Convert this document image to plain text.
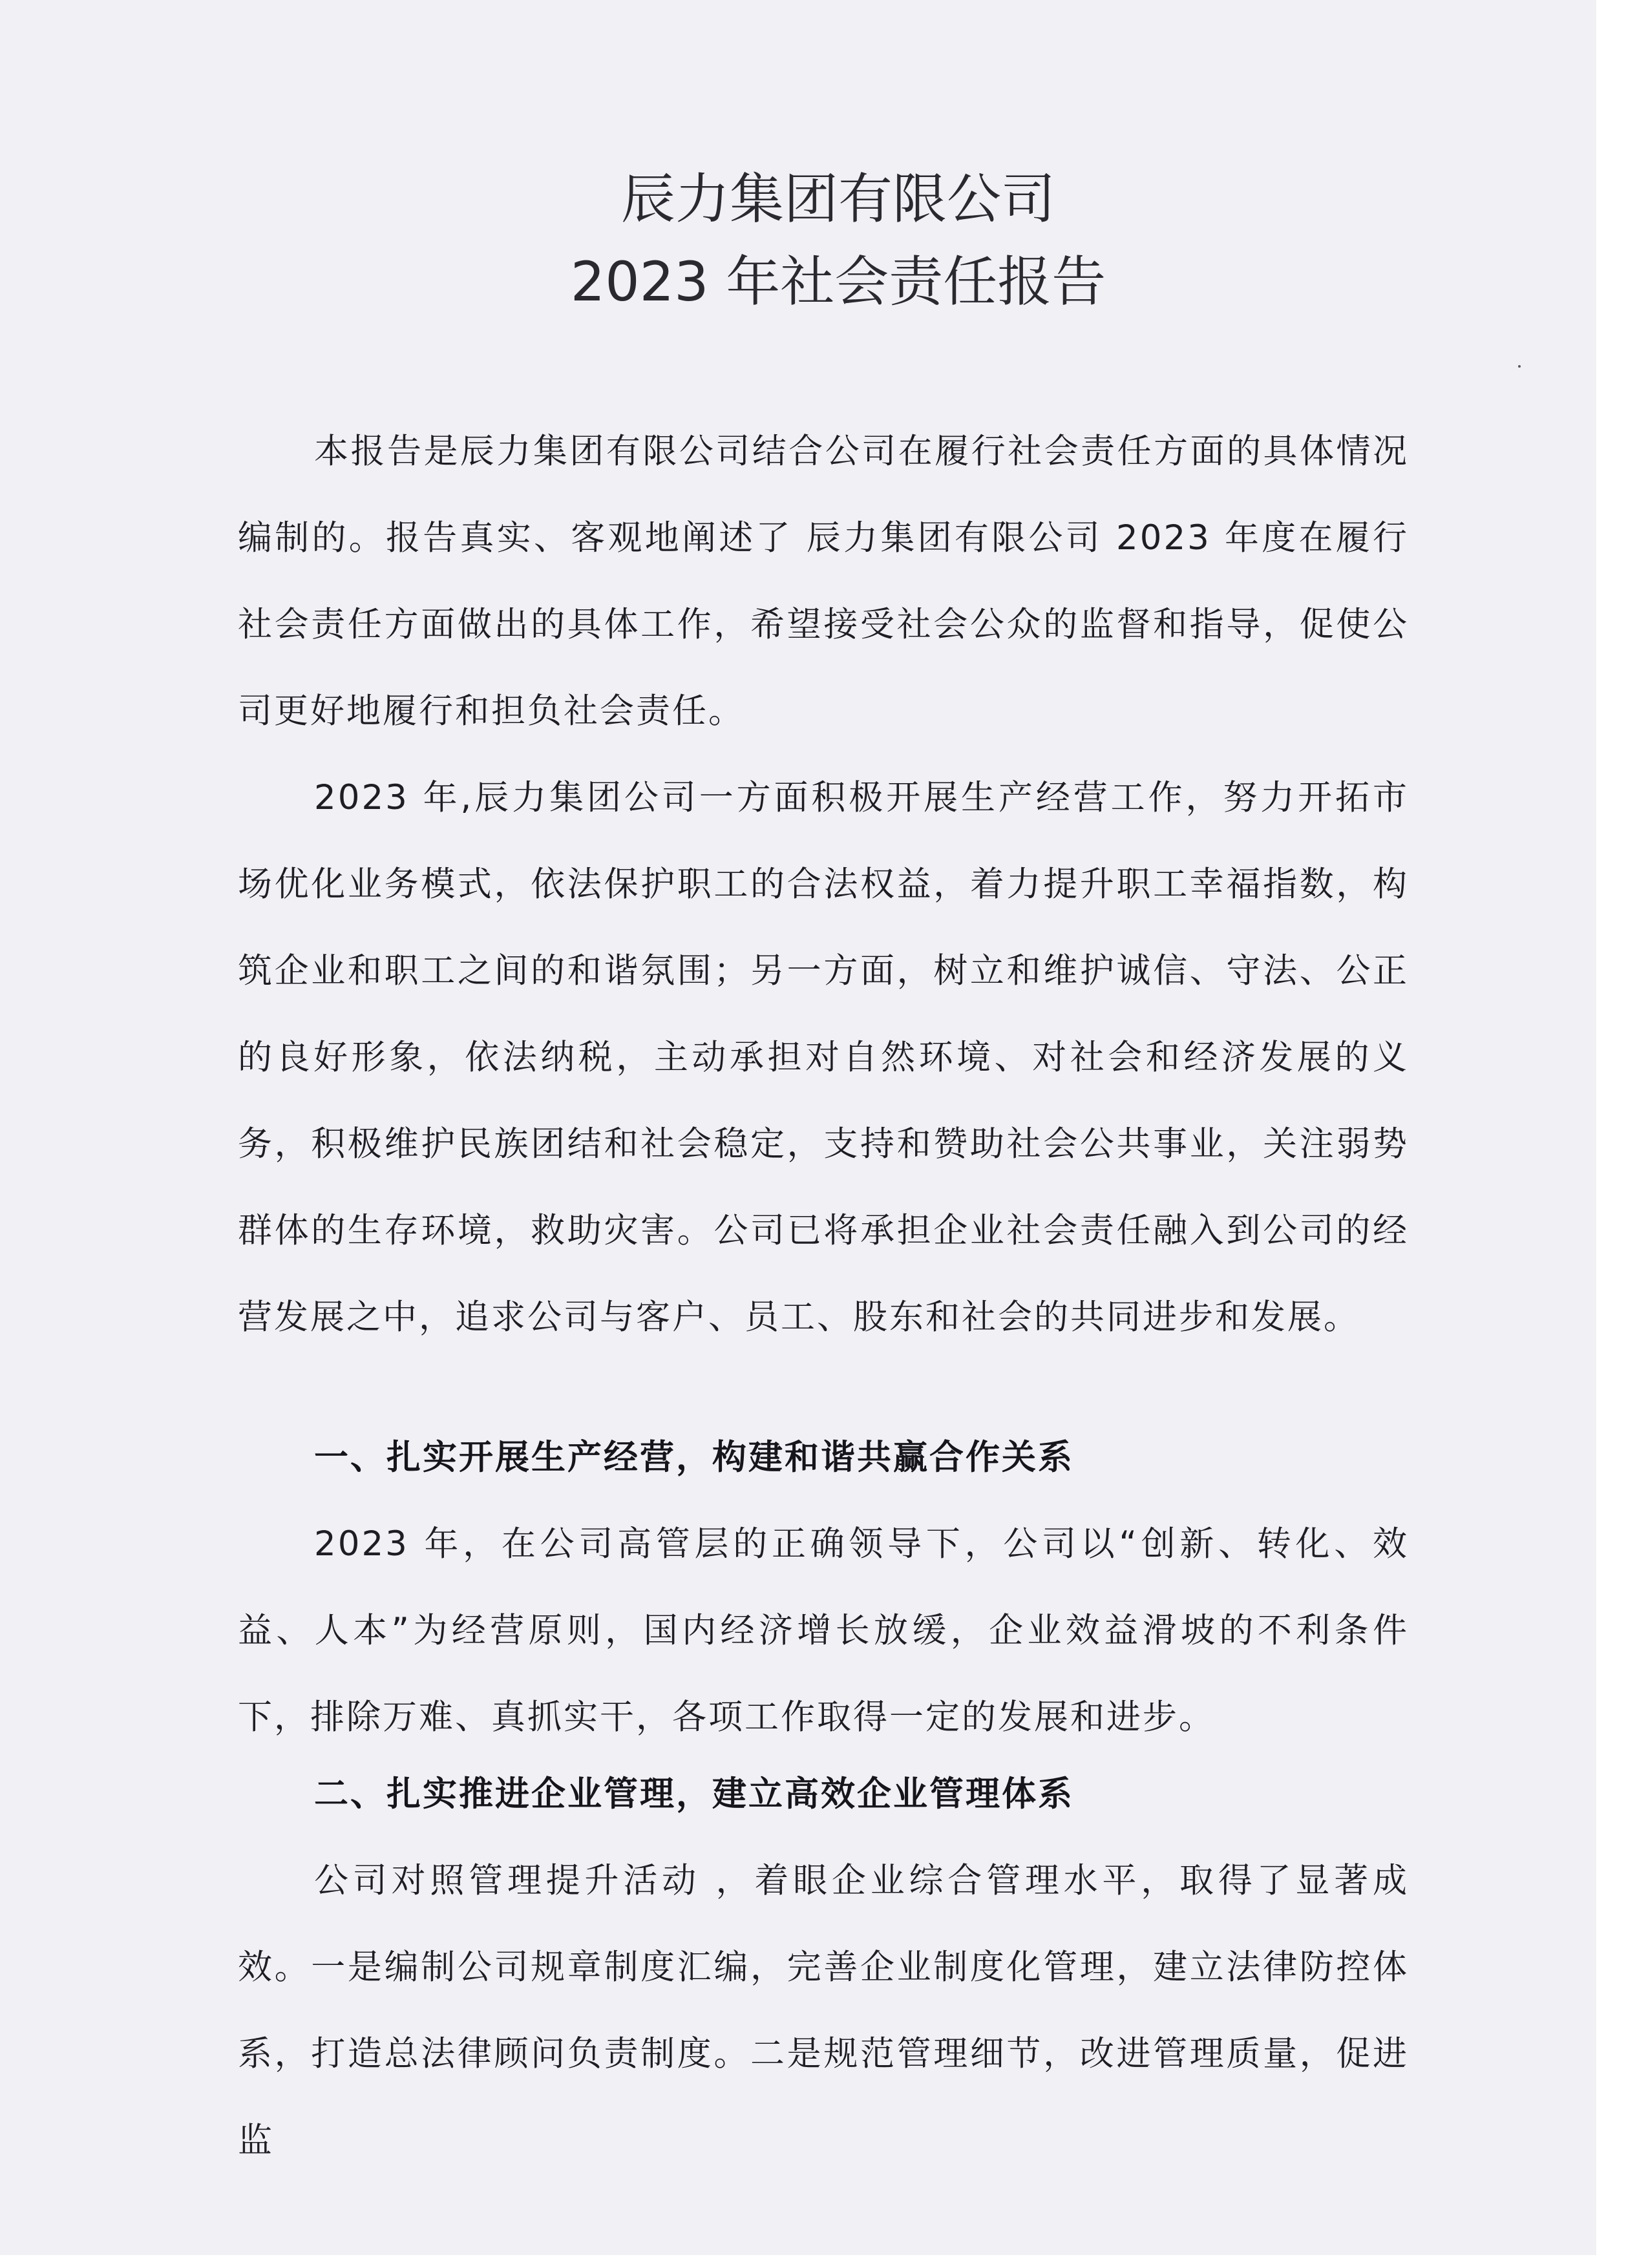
辰力集团有限公司
2023 年社会责任报告

本报告是辰力集团有限公司结合公司在履行社会责任方面的具体情况编制的。报告真实、客观地阐述了 辰力集团有限公司 2023 年度在履行社会责任方面做出的具体工作，希望接受社会公众的监督和指导，促使公司更好地履行和担负社会责任。

2023 年,辰力集团公司一方面积极开展生产经营工作，努力开拓市场优化业务模式，依法保护职工的合法权益，着力提升职工幸福指数，构筑企业和职工之间的和谐氛围；另一方面，树立和维护诚信、守法、公正的良好形象，依法纳税，主动承担对自然环境、对社会和经济发展的义务，积极维护民族团结和社会稳定，支持和赞助社会公共事业，关注弱势群体的生存环境，救助灾害。公司已将承担企业社会责任融入到公司的经营发展之中，追求公司与客户、员工、股东和社会的共同进步和发展。

一、扎实开展生产经营，构建和谐共赢合作关系

2023 年，在公司高管层的正确领导下，公司以“创新、转化、效益、人本”为经营原则，国内经济增长放缓，企业效益滑坡的不利条件下，排除万难、真抓实干，各项工作取得一定的发展和进步。

二、扎实推进企业管理，建立高效企业管理体系

公司对照管理提升活动 ，着眼企业综合管理水平，取得了显著成效。一是编制公司规章制度汇编，完善企业制度化管理，建立法律防控体系，打造总法律顾问负责制度。二是规范管理细节，改进管理质量，促进监
